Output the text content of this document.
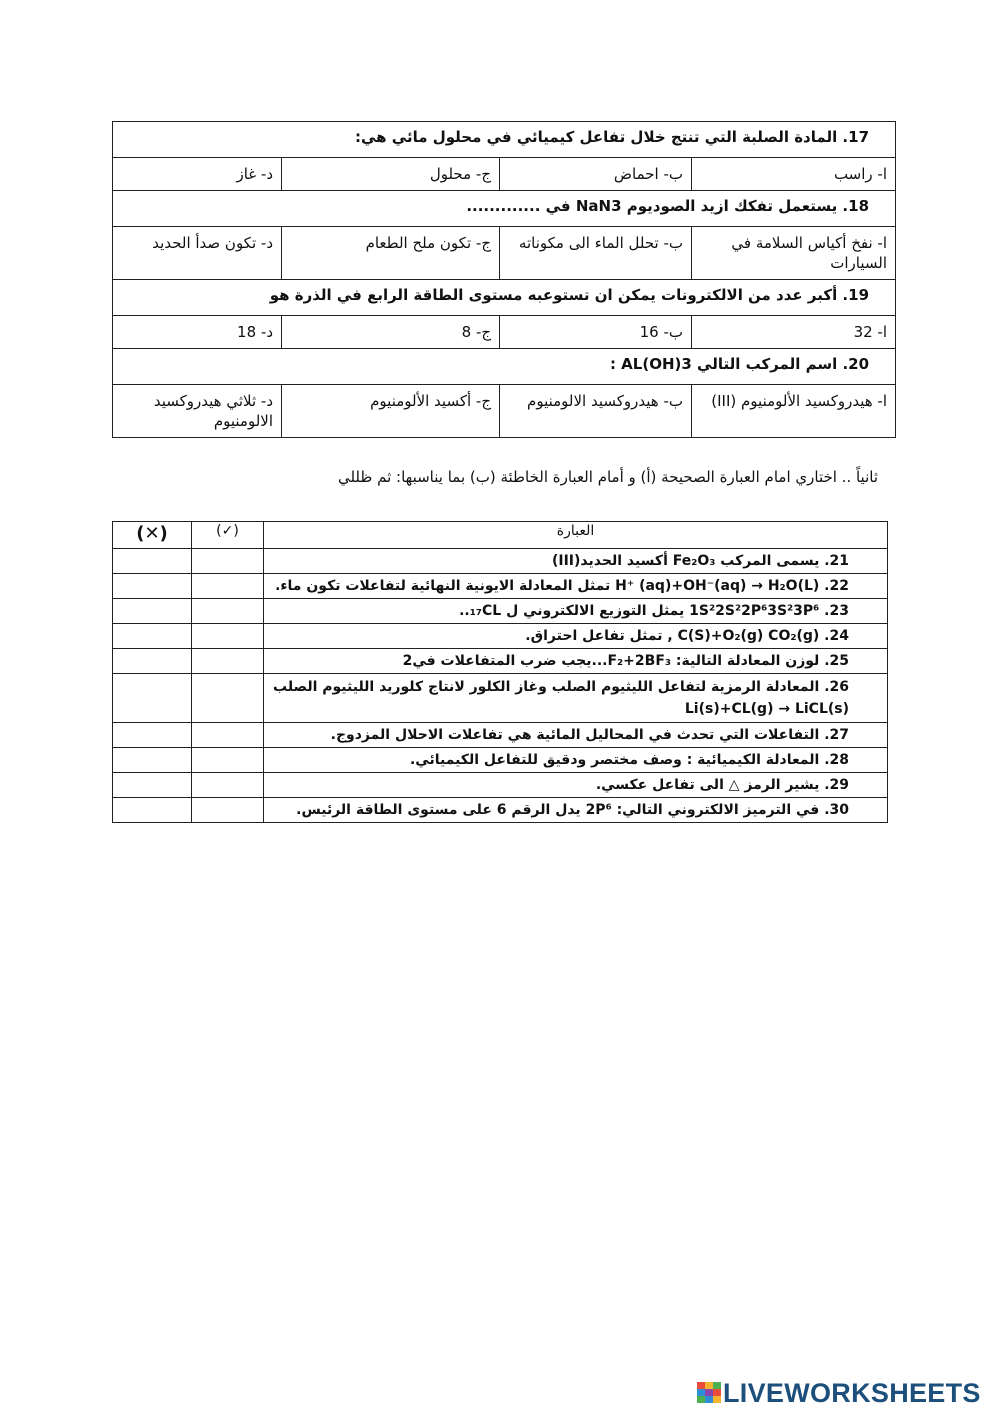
17. المادة الصلبة التي تنتج خلال تفاعل كيميائي في محلول مائي هي:			
ا- راسب	ب- احماض	ج- محلول	د- غاز
18. يستعمل تفكك ازيد الصوديوم NaN3 في .............			
ا- نفخ أكياس السلامة في السيارات	ب- تحلل الماء الى مكوناته	ج- تكون ملح الطعام	د- تكون صدأ الحديد
19. أكبر عدد من الالكترونات يمكن ان تستوعبه مستوى الطاقة الرابع في الذرة هو			
ا- 32	ب- 16	ج- 8	د- 18
20. اسم المركب التالي AL(OH)3 :			
ا- هيدروكسيد الألومنيوم (III)	ب- هيدروكسيد الالومنيوم	ج- أكسيد الألومنيوم	د- ثلاثي هيدروكسيد الالومنيوم
ثانياً .. اختاري امام العبارة الصحيحة (أ) و أمام العبارة الخاطئة (ب) بما يناسبها: ثم ظللي
العبارة	(✓)	(✕)
21. يسمى المركب Fe₂O₃ أكسيد الحديد(III)		
22. H⁺ (aq)+OH⁻(aq) → H₂O(L) تمثل المعادلة الايونية النهائية لتفاعلات تكون ماء.		
23. 1S²2S²2P⁶3S²3P⁶ يمثل التوزيع الالكتروني ل ₁₇CL..		
24. C(S)+O₂(g) CO₂(g) , تمثل تفاعل احتراق.		
25. لوزن المعادلة التالية: F₂+2BF₃...يجب ضرب المتفاعلات في2		

26. المعادلة الرمزية لتفاعل الليثيوم الصلب وغاز الكلور لانتاج كلوريد الليثيوم الصلب
Li(s)+CL(g) → LiCL(s)		

27. التفاعلات التي تحدث في المحاليل المائية هي تفاعلات الاحلال المزدوج.		
28. المعادلة الكيميائية : وصف مختصر ودقيق للتفاعل الكيميائي.		
29. يشير الرمز △ الى تفاعل عكسي.		
30. في الترميز الالكتروني التالي: 2P⁶ يدل الرقم 6 على مستوى الطاقة الرئيس.		
LIVEWORKSHEETS
